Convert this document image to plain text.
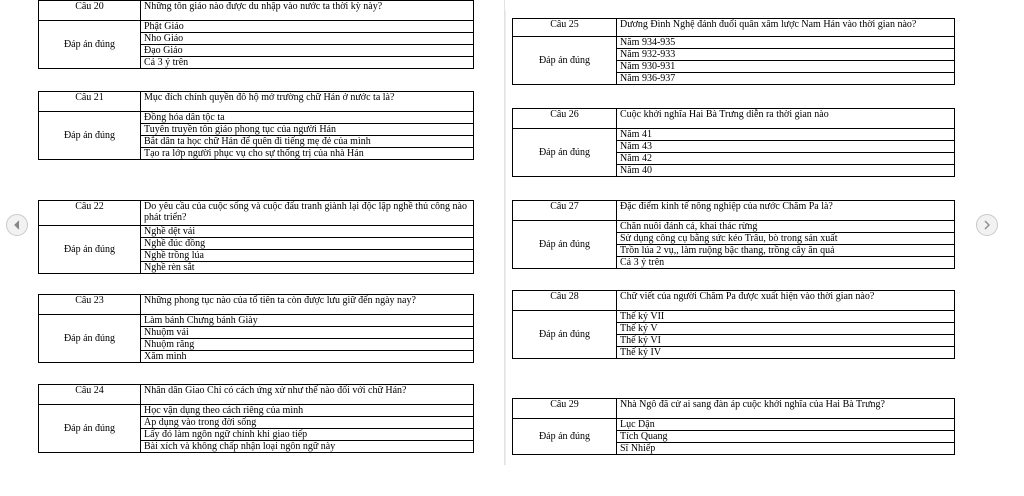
Câu 20	Những tôn giáo nào được du nhập vào nước ta thời kỳ này?
Đáp án đúng	Phật Giáo
	Nho Giáo
	Đạo Giáo
	Cả 3 ý trên
Câu 21	Mục đích chính quyền đô hộ mở trường chữ Hán ở nước ta là?
Đáp án đúng	Đồng hóa dân tộc ta
	Tuyên truyền tôn giáo phong tục của người Hán
	Bắt dân ta học chữ Hán để quên đi tiếng mẹ đẻ của mình
	Tạo ra lớp người phục vụ cho sự thống trị của nhà Hán
Câu 22	Do yêu cầu của cuộc sống và cuộc đấu tranh giành lại độc lập nghề thủ công nào phát triển?
Đáp án đúng	Nghề dệt vải
	Nghề đúc đồng
	Nghề trồng lúa
	Nghề rèn sắt
Câu 23	Những phong tục nào của tổ tiên ta còn được lưu giữ đến ngày nay?
Đáp án đúng	Làm bánh Chưng bánh Giày
	Nhuộm vải
	Nhuộm răng
	Xăm mình
Câu 24	Nhân dân Giao Chỉ có cách ứng xử như thế nào đối với chữ Hán?
Đáp án đúng	Học vận dụng theo cách riêng của mình
	Áp dụng vào trong đời sống
	Lấy đó làm ngôn ngữ chính khi giao tiếp
	Bài xích và không chấp nhận loại ngôn ngữ này
Câu 25	Dương Đình Nghệ đánh đuổi quân xâm lược Nam Hán vào thời gian nào?
Đáp án đúng	Năm 934-935
	Năm 932-933
	Năm 930-931
	Năm 936-937
Câu 26	Cuộc khởi nghĩa Hai Bà Trưng diễn ra thời gian nào
Đáp án đúng	Năm 41
	Năm 43
	Năm 42
	Năm 40
Câu 27	Đặc điểm kinh tế nông nghiệp của nước Chăm Pa là?
Đáp án đúng	Chăn nuôi đánh cá, khai thác rừng
	Sử dụng công cụ bằng sức kéo Trâu, bò trong sản xuất
	Trồn lúa 2 vụ,, làm ruộng bậc thang, trồng cây ăn quả
	Cả 3 ý trên
Câu 28	Chữ viết của người Chăm Pa được xuất hiện vào thời gian nào?
Đáp án đúng	Thế kỷ VII
	Thế kỷ V
	Thế kỷ VI
	Thế kỷ IV
Câu 29	Nhà Ngô đã cử ai sang đàn áp cuộc khởi nghĩa của Hai Bà Trưng?
Đáp án đúng	Lục Dận
	Tích Quang
	Sĩ Nhiếp
